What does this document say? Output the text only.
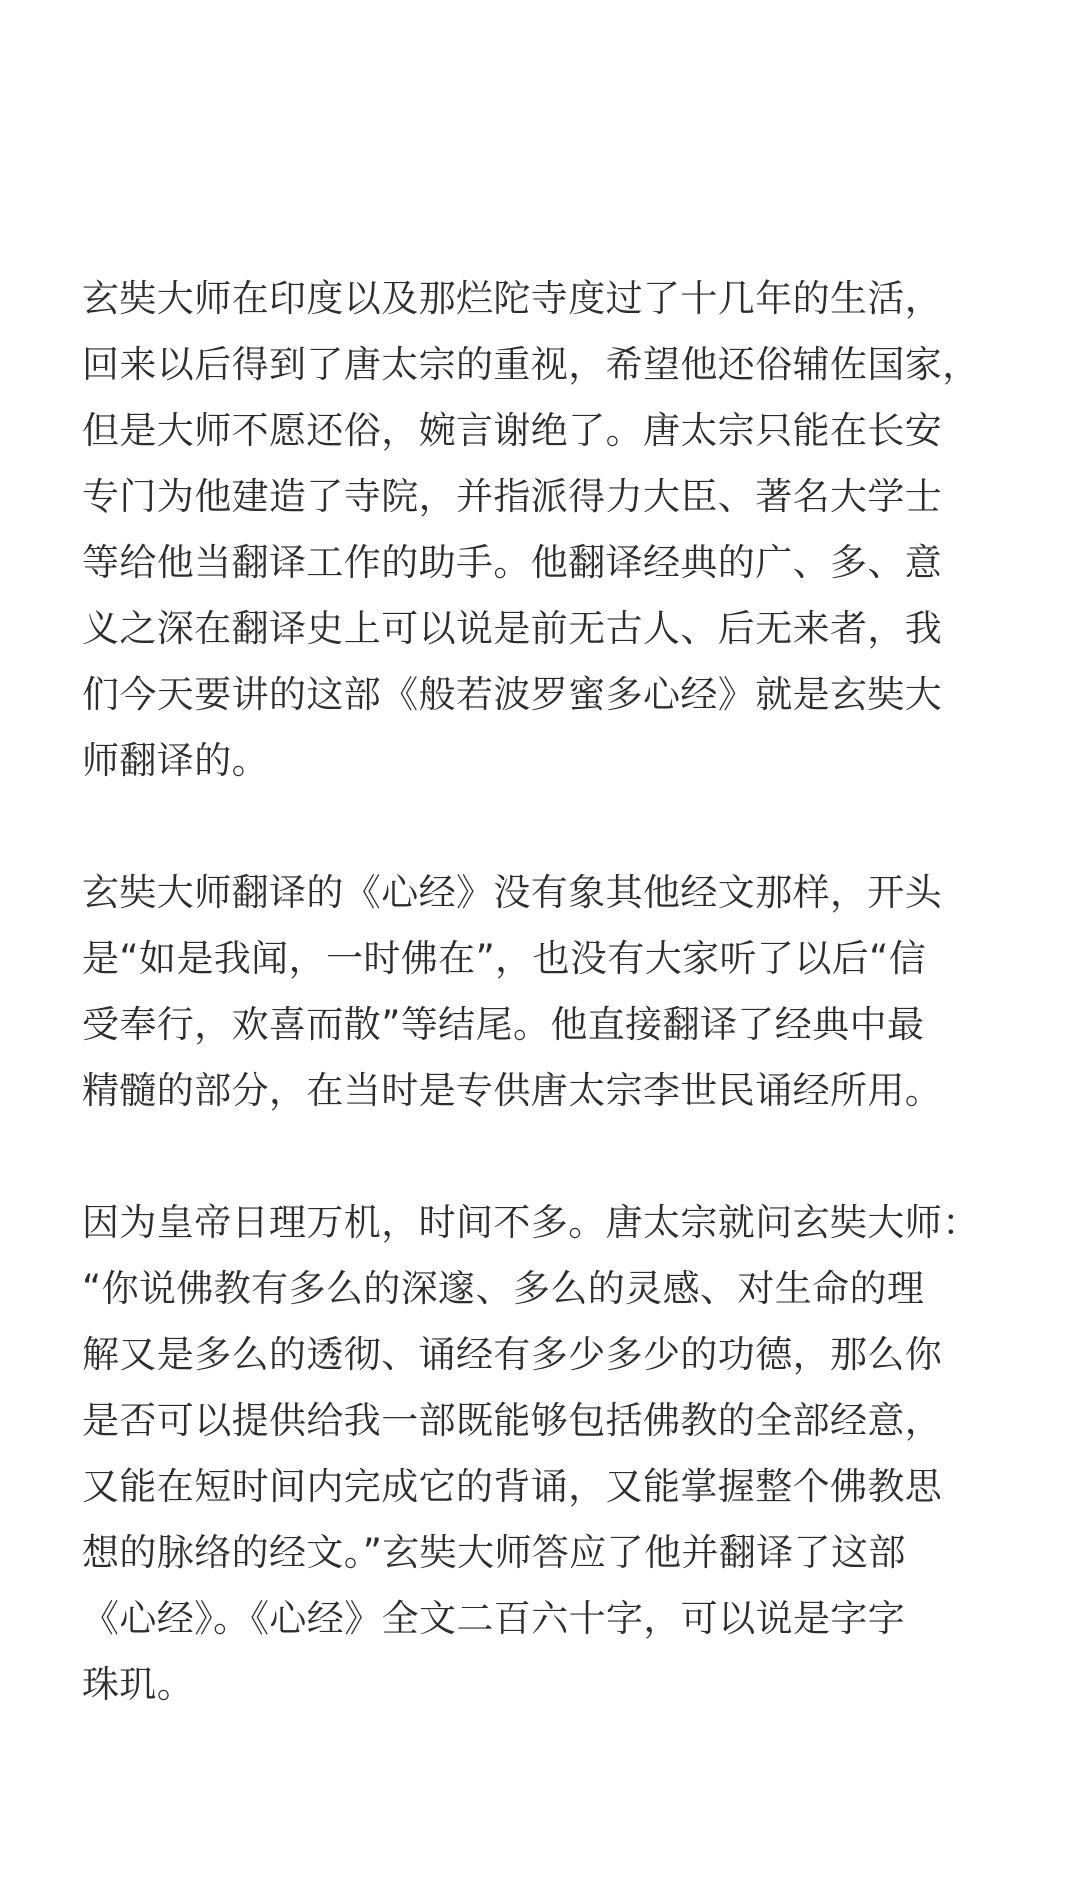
玄奘大师在印度以及那烂陀寺度过了十几年的生活，
回来以后得到了唐太宗的重视，希望他还俗辅佐国家，
但是大师不愿还俗，婉言谢绝了。唐太宗只能在长安
专门为他建造了寺院，并指派得力大臣、著名大学士
等给他当翻译工作的助手。他翻译经典的广、多、意
义之深在翻译史上可以说是前无古人、后无来者，我
们今天要讲的这部《般若波罗蜜多心经》就是玄奘大
师翻译的。
玄奘大师翻译的《心经》没有象其他经文那样，开头
是“如是我闻，一时佛在”，也没有大家听了以后“信
受奉行，欢喜而散”等结尾。他直接翻译了经典中最
精髓的部分，在当时是专供唐太宗李世民诵经所用。
因为皇帝日理万机，时间不多。唐太宗就问玄奘大师：
“你说佛教有多么的深邃、多么的灵感、对生命的理
解又是多么的透彻、诵经有多少多少的功德，那么你
是否可以提供给我一部既能够包括佛教的全部经意，
又能在短时间内完成它的背诵，又能掌握整个佛教思
想的脉络的经文。”玄奘大师答应了他并翻译了这部
《心经》。《心经》全文二百六十字，可以说是字字
珠玑。
